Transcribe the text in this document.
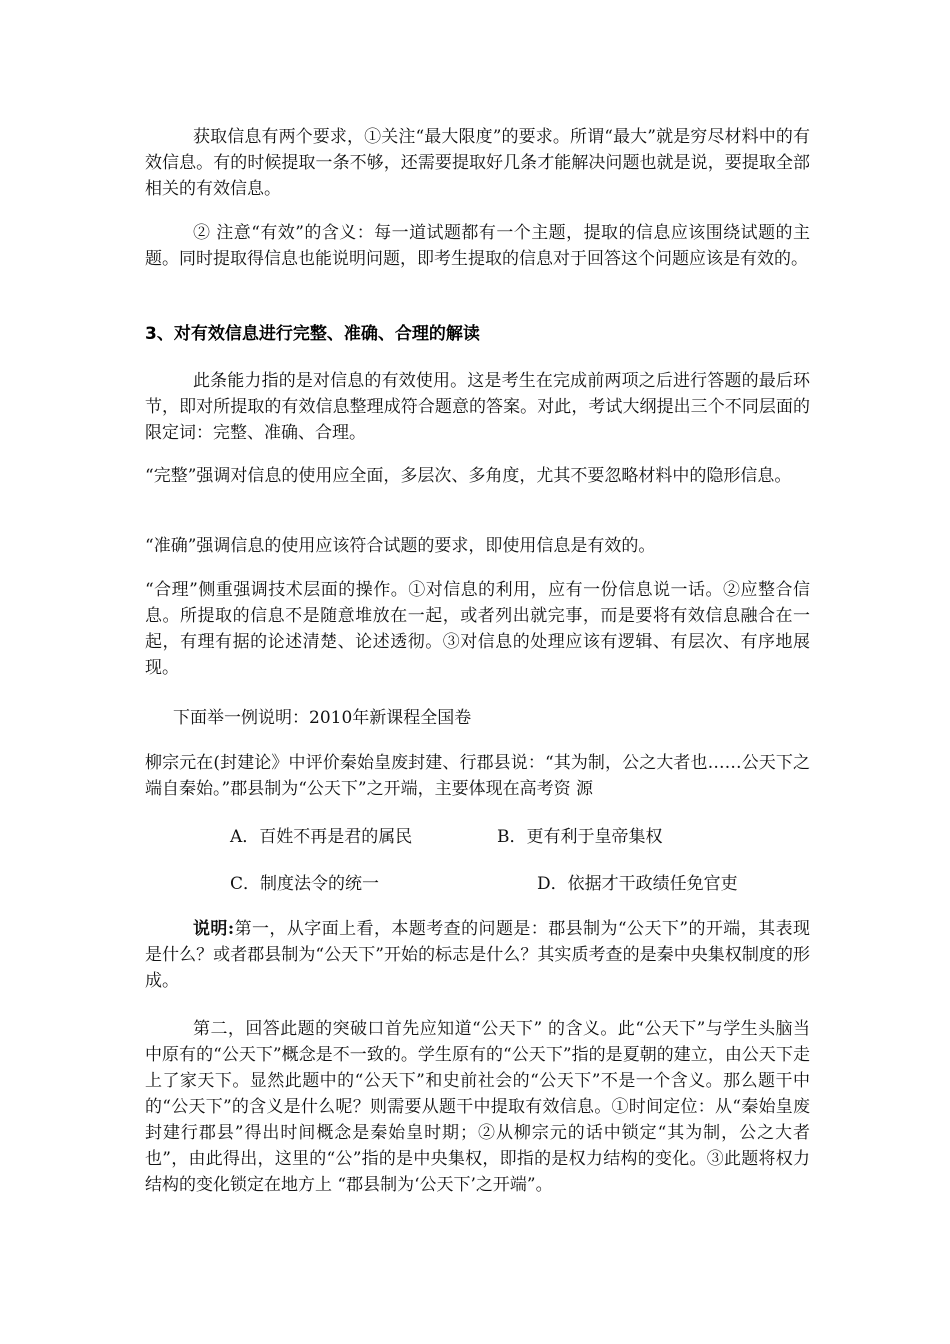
获取信息有两个要求，①关注“最大限度”的要求。所谓“最大”就是穷尽材料中的有效信息。有的时候提取一条不够，还需要提取好几条才能解决问题也就是说，要提取全部相关的有效信息。

② 注意“有效”的含义：每一道试题都有一个主题，提取的信息应该围绕试题的主题。同时提取得信息也能说明问题，即考生提取的信息对于回答这个问题应该是有效的。

3、对有效信息进行完整、准确、合理的解读

此条能力指的是对信息的有效使用。这是考生在完成前两项之后进行答题的最后环节，即对所提取的有效信息整理成符合题意的答案。对此，考试大纲提出三个不同层面的限定词：完整、准确、合理。

“完整”强调对信息的使用应全面，多层次、多角度，尤其不要忽略材料中的隐形信息。

“准确”强调信息的使用应该符合试题的要求，即使用信息是有效的。

“合理”侧重强调技术层面的操作。①对信息的利用，应有一份信息说一话。②应整合信息。所提取的信息不是随意堆放在一起，或者列出就完事，而是要将有效信息融合在一起，有理有据的论述清楚、论述透彻。③对信息的处理应该有逻辑、有层次、有序地展现。

下面举一例说明：2010年新课程全国卷

柳宗元在(封建论》中评价秦始皇废封建、行郡县说：“其为制，公之大者也……公天下之端自秦始。”郡县制为“公天下”之开端，主要体现在高考资 源

A．百姓不再是君的属民	B．更有利于皇帝集权
C．制度法令的统一	D．依据才干政绩任免官吏

说明:第一，从字面上看，本题考查的问题是：郡县制为“公天下”的开端，其表现是什么？或者郡县制为“公天下”开始的标志是什么？其实质考查的是秦中央集权制度的形成。

第二，回答此题的突破口首先应知道“公天下” 的含义。此“公天下”与学生头脑当中原有的“公天下”概念是不一致的。学生原有的“公天下”指的是夏朝的建立，由公天下走上了家天下。显然此题中的“公天下”和史前社会的“公天下”不是一个含义。那么题干中的“公天下”的含义是什么呢？则需要从题干中提取有效信息。①时间定位：从“秦始皇废封建行郡县”得出时间概念是秦始皇时期；②从柳宗元的话中锁定“其为制，公之大者也”，由此得出，这里的“公”指的是中央集权，即指的是权力结构的变化。③此题将权力结构的变化锁定在地方上 “郡县制为‘公天下’之开端”。
